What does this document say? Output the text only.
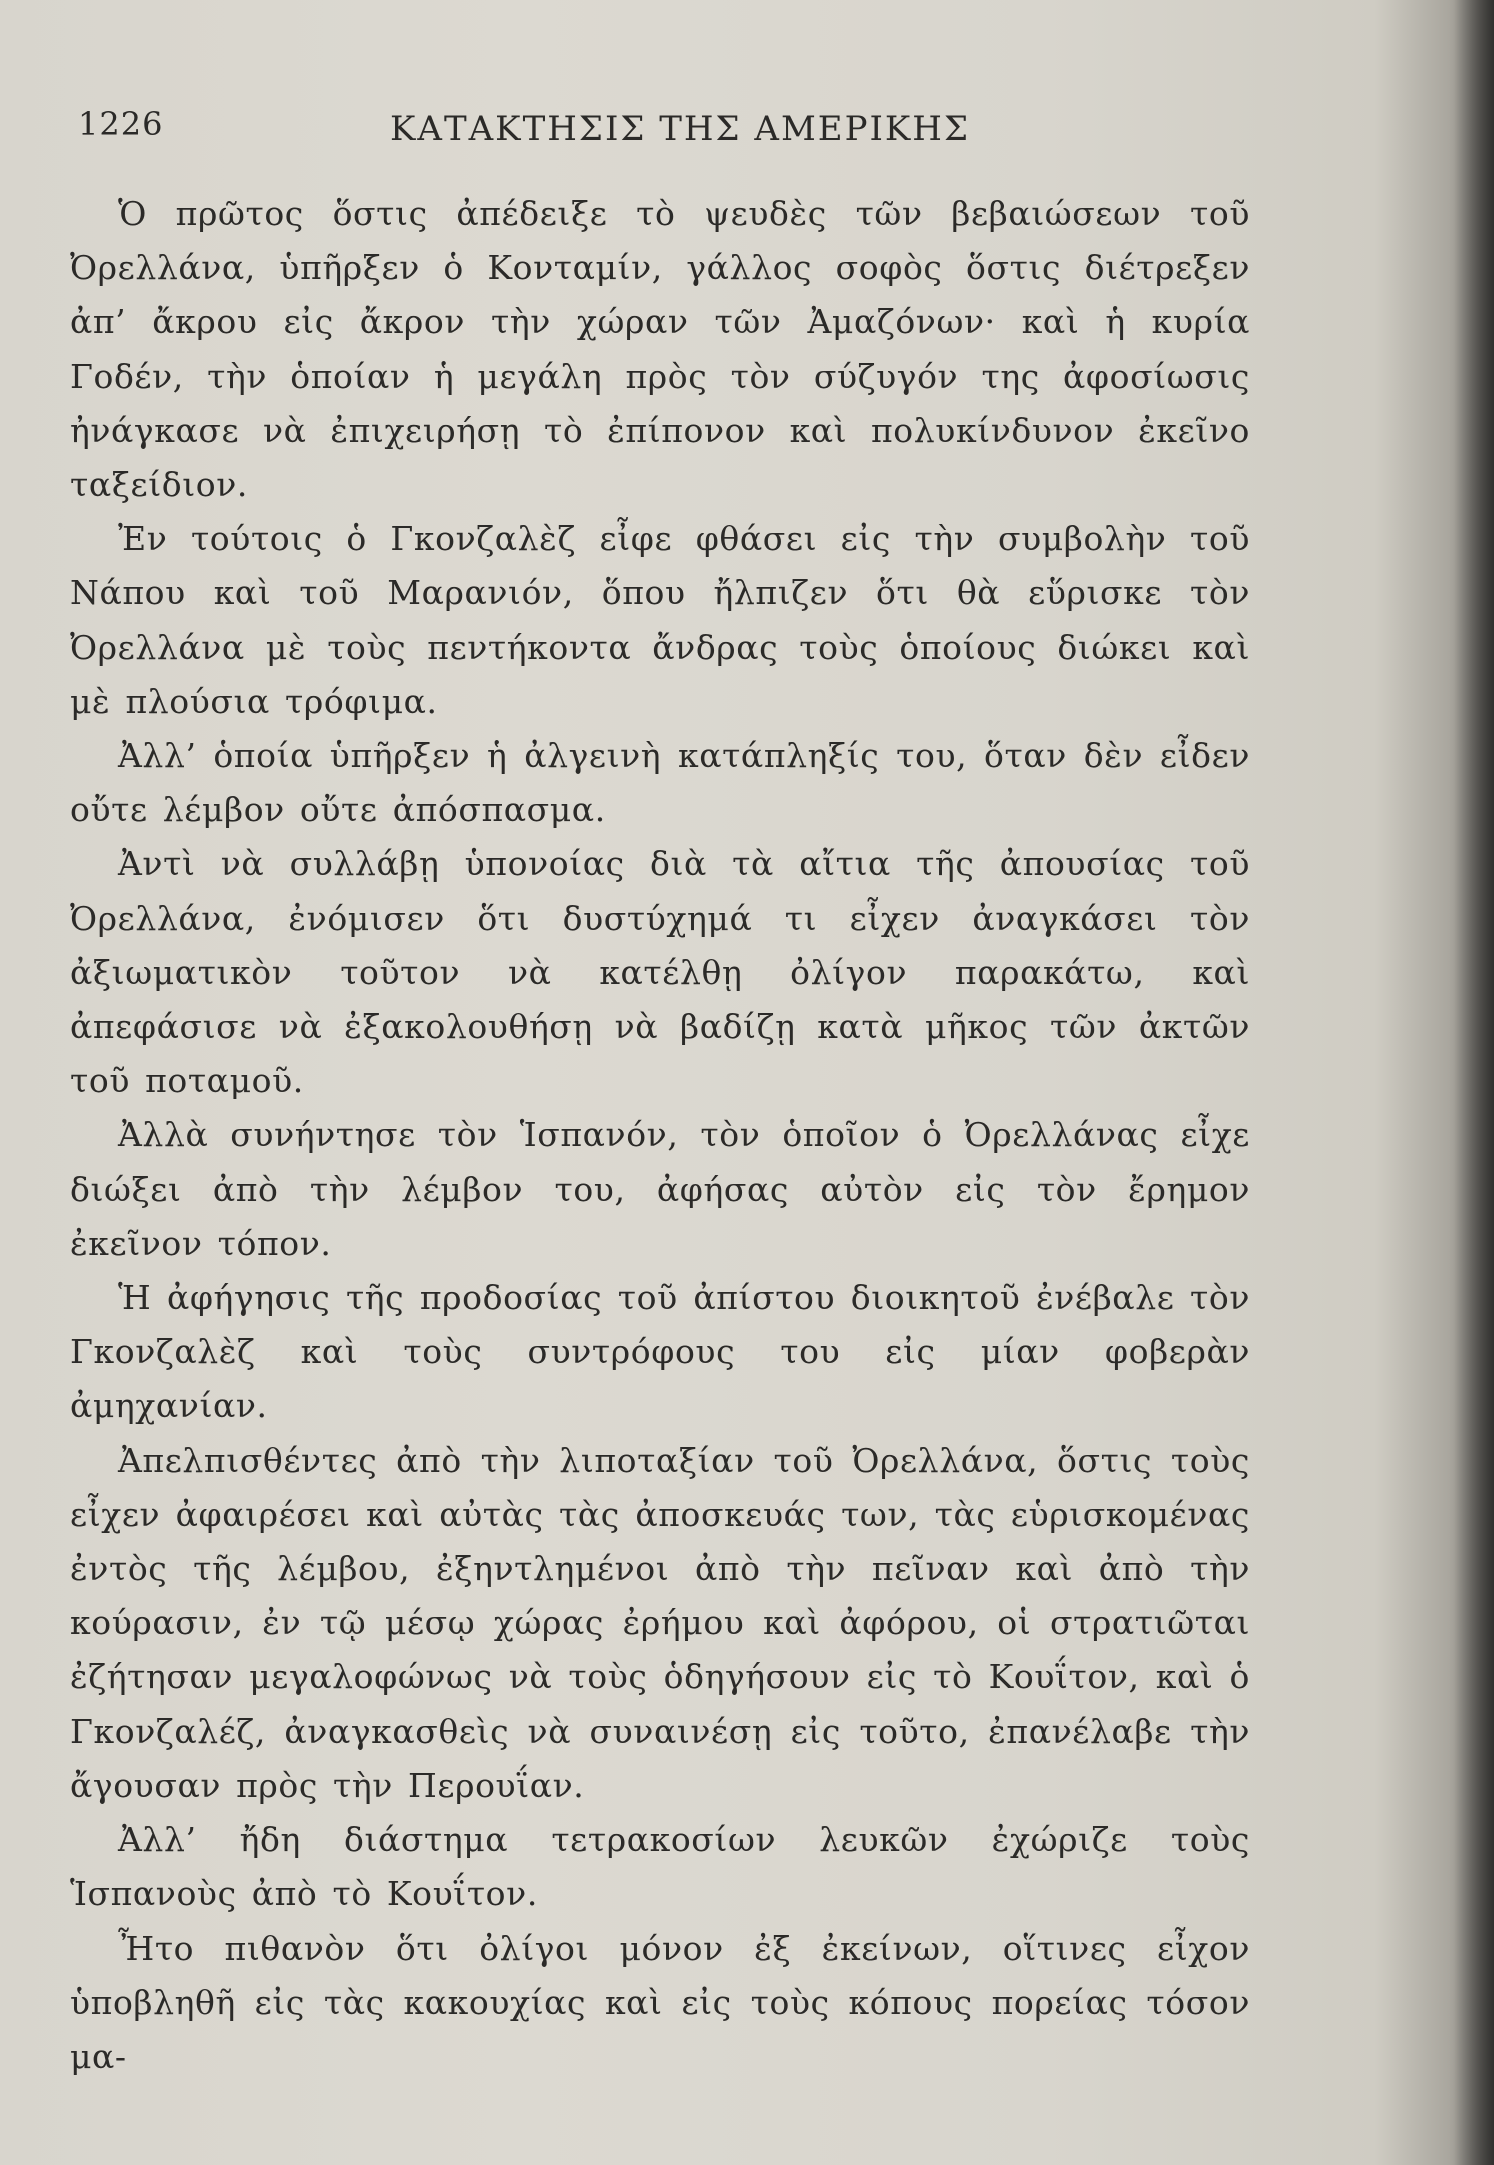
1226	ΚΑΤΑΚΤΗΣΙΣ ΤΗΣ ΑΜΕΡΙΚΗΣ

Ὁ πρῶτος ὅστις ἀπέδειξε τὸ ψευδὲς τῶν βεβαιώσεων τοῦ Ὀρελλάνα, ὑπῆρξεν ὁ Κονταμίν, γάλλος σοφὸς ὅστις διέτρεξεν ἀπ’ ἄκρου εἰς ἄκρον τὴν χώραν τῶν Ἀμαζόνων· καὶ ἡ κυρία Γοδέν, τὴν ὁποίαν ἡ μεγάλη πρὸς τὸν σύζυγόν της ἀφοσίωσις ἠνάγκασε νὰ ἐπιχειρήσῃ τὸ ἐπίπονον καὶ πολυκίνδυνον ἐκεῖνο ταξείδιον.

Ἐν τούτοις ὁ Γκονζαλὲζ εἶφε φθάσει εἰς τὴν συμβολὴν τοῦ Νάπου καὶ τοῦ Μαρανιόν, ὅπου ἤλπιζεν ὅτι θὰ εὕρισκε τὸν Ὀρελλάνα μὲ τοὺς πεντήκοντα ἄνδρας τοὺς ὁποίους διώκει καὶ μὲ πλούσια τρόφιμα.

Ἀλλ’ ὁποία ὑπῆρξεν ἡ ἀλγεινὴ κατάπληξίς του, ὅταν δὲν εἶδεν οὔτε λέμβον οὔτε ἀπόσπασμα.

Ἀντὶ νὰ συλλάβῃ ὑπονοίας διὰ τὰ αἴτια τῆς ἀπουσίας τοῦ Ὀρελλάνα, ἐνόμισεν ὅτι δυστύχημά τι εἶχεν ἀναγκάσει τὸν ἀξιωματικὸν τοῦτον νὰ κατέλθῃ ὀλίγον παρακάτω, καὶ ἀπεφάσισε νὰ ἐξακολουθήσῃ νὰ βαδίζῃ κατὰ μῆκος τῶν ἀκτῶν τοῦ ποταμοῦ.

Ἀλλὰ συνήντησε τὸν Ἱσπανόν, τὸν ὁποῖον ὁ Ὀρελλάνας εἶχε διώξει ἀπὸ τὴν λέμβον του, ἀφήσας αὐτὸν εἰς τὸν ἔρημον ἐκεῖνον τόπον.

Ἡ ἀφήγησις τῆς προδοσίας τοῦ ἀπίστου διοικητοῦ ἐνέβαλε τὸν Γκονζαλὲζ καὶ τοὺς συντρόφους του εἰς μίαν φοβερὰν ἀμηχανίαν.

Ἀπελπισθέντες ἀπὸ τὴν λιποταξίαν τοῦ Ὀρελλάνα, ὅστις τοὺς εἶχεν ἀφαιρέσει καὶ αὐτὰς τὰς ἀποσκευάς των, τὰς εὑρισκομένας ἐντὸς τῆς λέμβου, ἐξηντλημένοι ἀπὸ τὴν πεῖναν καὶ ἀπὸ τὴν κούρασιν, ἐν τῷ μέσῳ χώρας ἐρήμου καὶ ἀφόρου, οἱ στρατιῶται ἐζήτησαν μεγαλοφώνως νὰ τοὺς ὁδηγήσουν εἰς τὸ Κουΐτον, καὶ ὁ Γκονζαλέζ, ἀναγκασθεὶς νὰ συναινέσῃ εἰς τοῦτο, ἐπανέλαβε τὴν ἄγουσαν πρὸς τὴν Περουΐαν.

Ἀλλ’ ἤδη διάστημα τετρακοσίων λευκῶν ἐχώριζε τοὺς Ἱσπανοὺς ἀπὸ τὸ Κουΐτον.

Ἦτο πιθανὸν ὅτι ὀλίγοι μόνον ἐξ ἐκείνων, οἵτινες εἶχον ὑποβληθῆ εἰς τὰς κακουχίας καὶ εἰς τοὺς κόπους πορείας τόσον μα-
